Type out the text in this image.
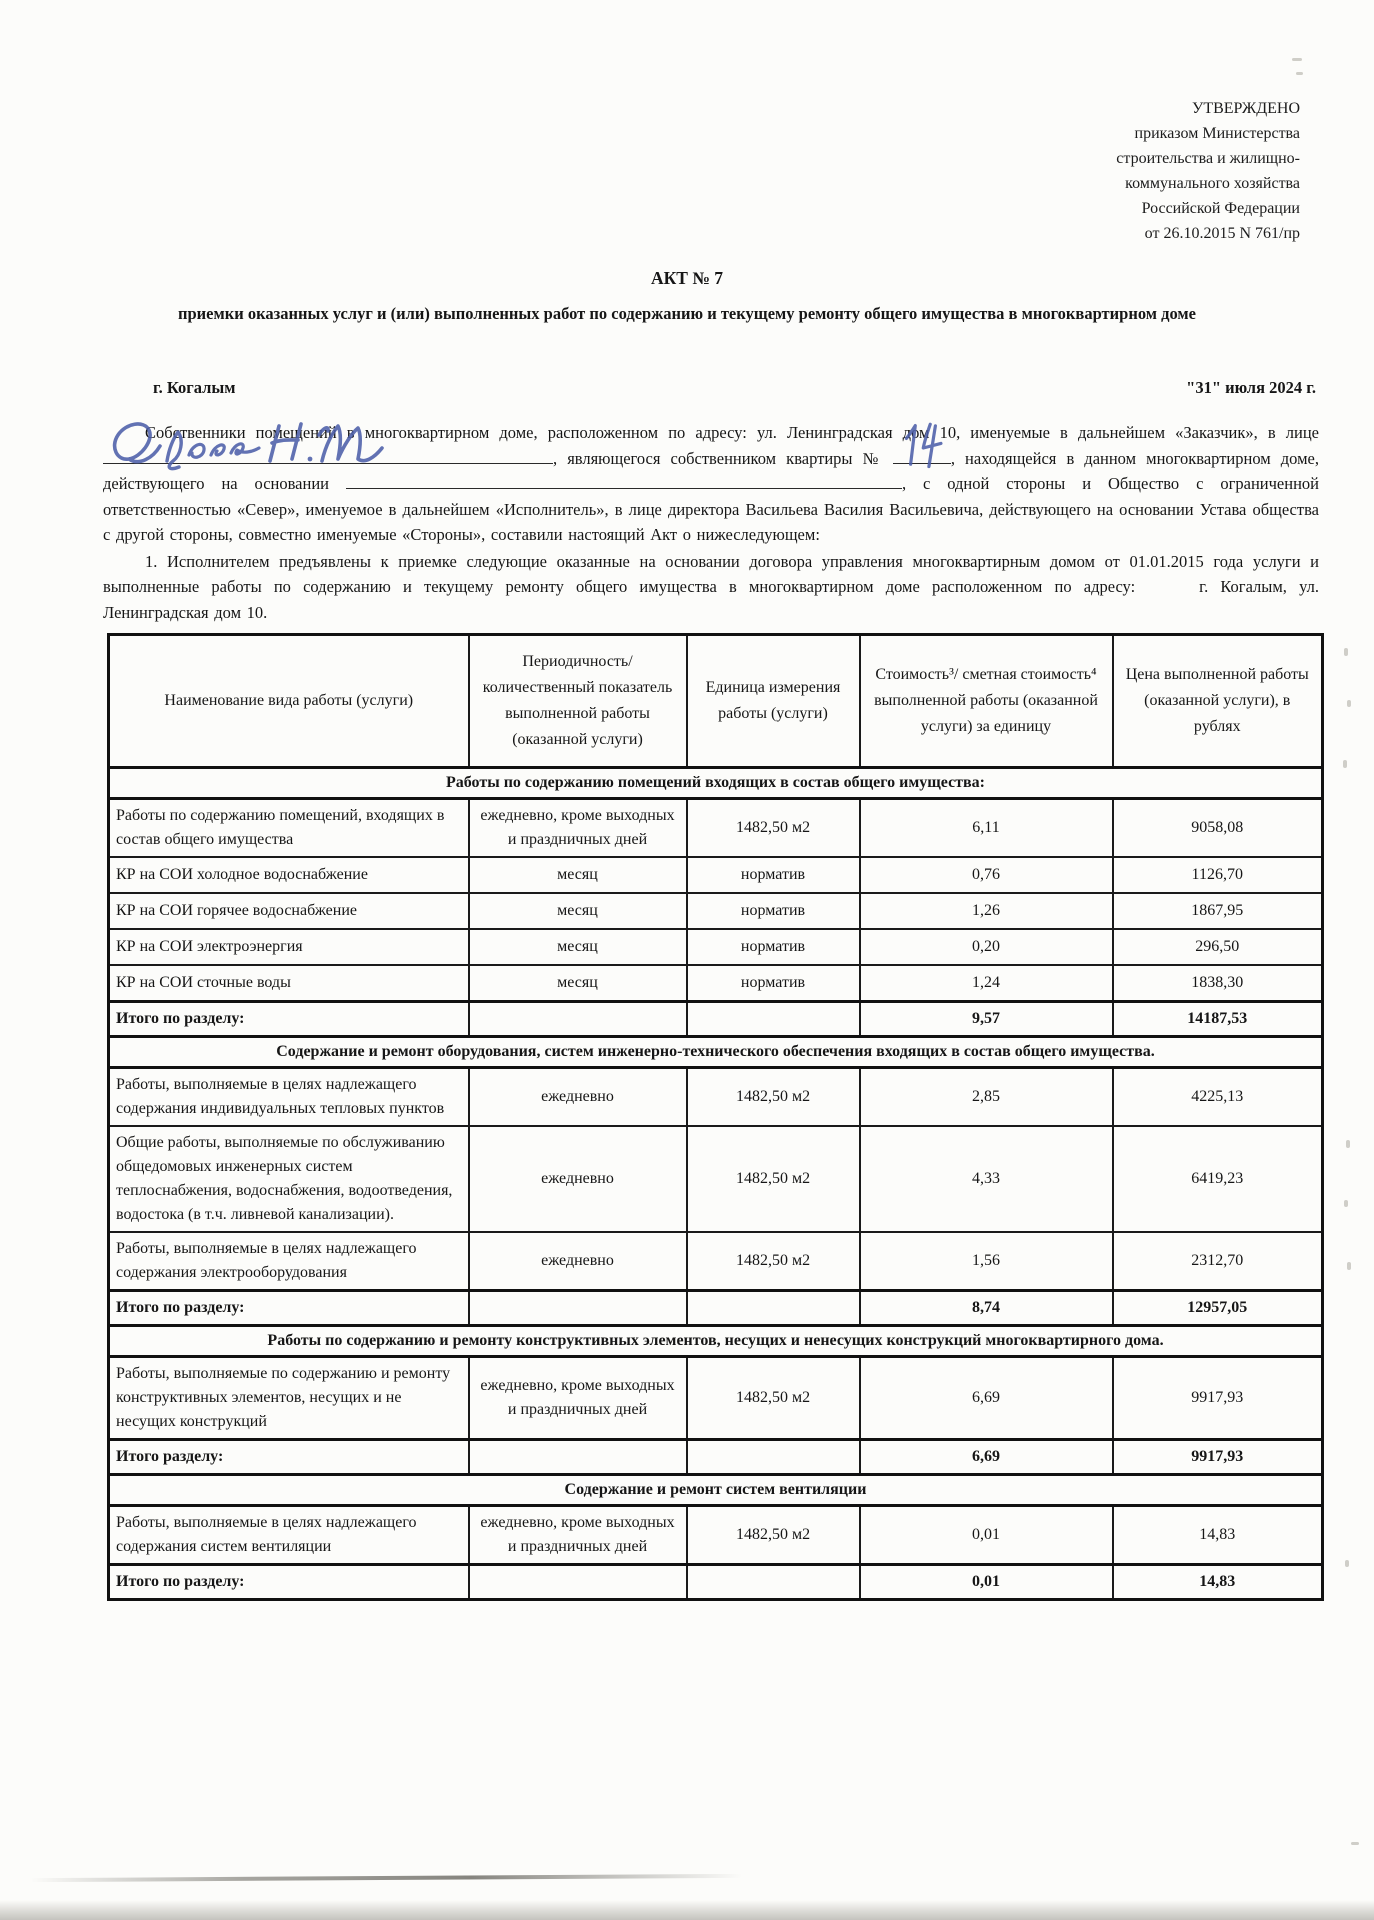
УТВЕРЖДЕНО
приказом Министерства
строительства и жилищно-
коммунального хозяйства
Российской Федерации
от 26.10.2015 N 761/пр
АКТ № 7
приемки оказанных услуг и (или) выполненных работ по содержанию и текущему ремонту общего имущества в многоквартирном доме
г. Когалым	"31" июля 2024 г.

Собственники помещений в многоквартирном доме, расположенном по адресу: ул. Ленинградская дом 10, именуемые в дальнейшем «Заказчик», в лице
, являющегося собственником квартиры №	, находящейся в данном многоквартирном доме, действующего на основании	, с одной стороны и Общество с ограниченной ответственностью «Север», именуемое в дальнейшем «Исполнитель», в лице директора Васильева Василия Васильевича, действующего на основании Устава общества с другой стороны, совместно именуемые «Стороны», составили настоящий Акт о нижеследующем:

1. Исполнителем предъявлены к приемке следующие оказанные на основании договора управления многоквартирным домом от 01.01.2015 года услуги и выполненные работы по содержанию и текущему ремонту общего имущества в многоквартирном доме расположенном по адресу:	г. Когалым, ул. Ленинградская дом 10.

Наименование вида работы (услуги)	Периодичность/ количественный показатель выполненной работы (оказанной услуги)	Единица измерения работы (услуги)	Стоимость³/ сметная стоимость⁴ выполненной работы (оказанной услуги) за единицу	Цена выполненной работы (оказанной услуги), в рублях
Работы по содержанию помещений входящих в состав общего имущества:				
Работы по содержанию помещений, входящих в состав общего имущества	ежедневно, кроме выходных и праздничных дней	1482,50 м2	6,11	9058,08
КР на СОИ холодное водоснабжение	месяц	норматив	0,76	1126,70
КР на СОИ горячее водоснабжение	месяц	норматив	1,26	1867,95
КР на СОИ электроэнергия	месяц	норматив	0,20	296,50
КР на СОИ сточные воды	месяц	норматив	1,24	1838,30
Итого по разделу:			9,57	14187,53
Содержание и ремонт оборудования, систем инженерно-технического обеспечения входящих в состав общего имущества.				
Работы, выполняемые в целях надлежащего содержания индивидуальных тепловых пунктов	ежедневно	1482,50 м2	2,85	4225,13
Общие работы, выполняемые по обслуживанию общедомовых инженерных систем теплоснабжения, водоснабжения, водоотведения, водостока (в т.ч. ливневой канализации).	ежедневно	1482,50 м2	4,33	6419,23
Работы, выполняемые в целях надлежащего содержания электрооборудования	ежедневно	1482,50 м2	1,56	2312,70
Итого по разделу:			8,74	12957,05
Работы по содержанию и ремонту конструктивных элементов, несущих и ненесущих конструкций многоквартирного дома.				
Работы, выполняемые по содержанию и ремонту конструктивных элементов, несущих и не несущих конструкций	ежедневно, кроме выходных и праздничных дней	1482,50 м2	6,69	9917,93
Итого разделу:			6,69	9917,93
Содержание и ремонт систем вентиляции				
Работы, выполняемые в целях надлежащего содержания систем вентиляции	ежедневно, кроме выходных и праздничных дней	1482,50 м2	0,01	14,83
Итого по разделу:			0,01	14,83
